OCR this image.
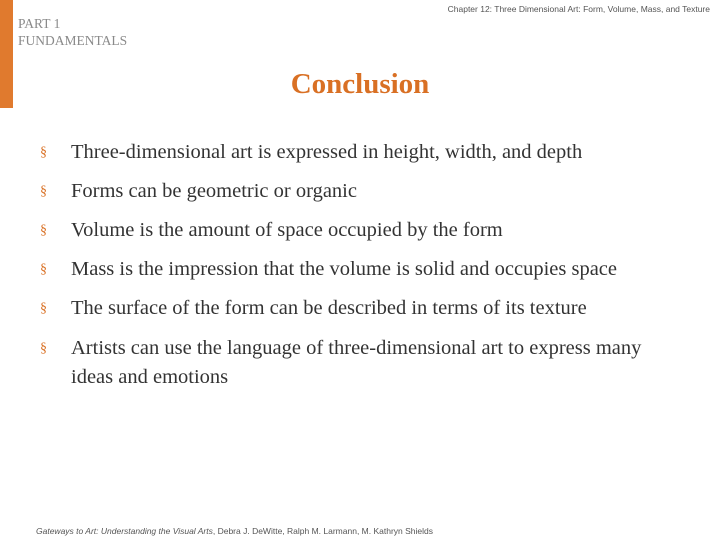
PART 1
FUNDAMENTALS
Chapter 12: Three Dimensional Art: Form, Volume, Mass, and Texture
Conclusion
§ Three-dimensional art is expressed in height, width, and depth
§ Forms can be geometric or organic
§ Volume is the amount of space occupied by the form
§ Mass is the impression that the volume is solid and occupies space
§ The surface of the form can be described in terms of its texture
§ Artists can use the language of three-dimensional art to express many ideas and emotions
Gateways to Art: Understanding the Visual Arts, Debra J. DeWitte, Ralph M. Larmann, M. Kathryn Shields
